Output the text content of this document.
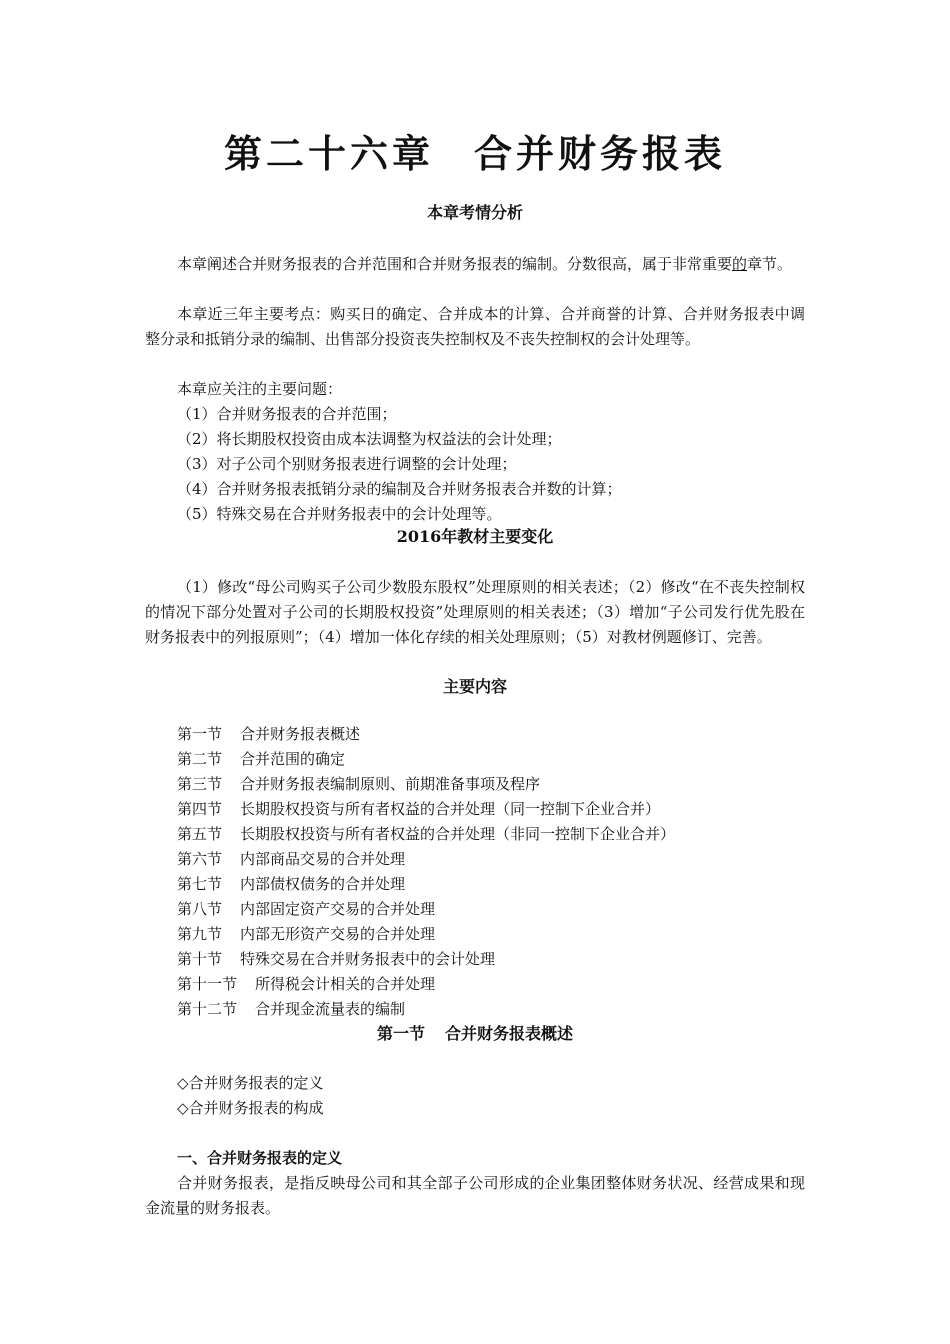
第二十六章 合并财务报表
本章考情分析
本章阐述合并财务报表的合并范围和合并财务报表的编制。分数很高，属于非常重要的章节。
本章近三年主要考点：购买日的确定、合并成本的计算、合并商誉的计算、合并财务报表中调整分录和抵销分录的编制、出售部分投资丧失控制权及不丧失控制权的会计处理等。
本章应关注的主要问题：
（1）合并财务报表的合并范围；
（2）将长期股权投资由成本法调整为权益法的会计处理；
（3）对子公司个别财务报表进行调整的会计处理；
（4）合并财务报表抵销分录的编制及合并财务报表合并数的计算；
（5）特殊交易在合并财务报表中的会计处理等。
2016年教材主要变化
（1）修改“母公司购买子公司少数股东股权”处理原则的相关表述；（2）修改“在不丧失控制权的情况下部分处置对子公司的长期股权投资”处理原则的相关表述；（3）增加“子公司发行优先股在财务报表中的列报原则”；（4）增加一体化存续的相关处理原则；（5）对教材例题修订、完善。
主要内容
第一节 合并财务报表概述
第二节 合并范围的确定
第三节 合并财务报表编制原则、前期准备事项及程序
第四节 长期股权投资与所有者权益的合并处理（同一控制下企业合并）
第五节 长期股权投资与所有者权益的合并处理（非同一控制下企业合并）
第六节 内部商品交易的合并处理
第七节 内部债权债务的合并处理
第八节 内部固定资产交易的合并处理
第九节 内部无形资产交易的合并处理
第十节 特殊交易在合并财务报表中的会计处理
第十一节 所得税会计相关的合并处理
第十二节 合并现金流量表的编制
第一节 合并财务报表概述
◇合并财务报表的定义
◇合并财务报表的构成
一、合并财务报表的定义
合并财务报表，是指反映母公司和其全部子公司形成的企业集团整体财务状况、经营成果和现金流量的财务报表。
